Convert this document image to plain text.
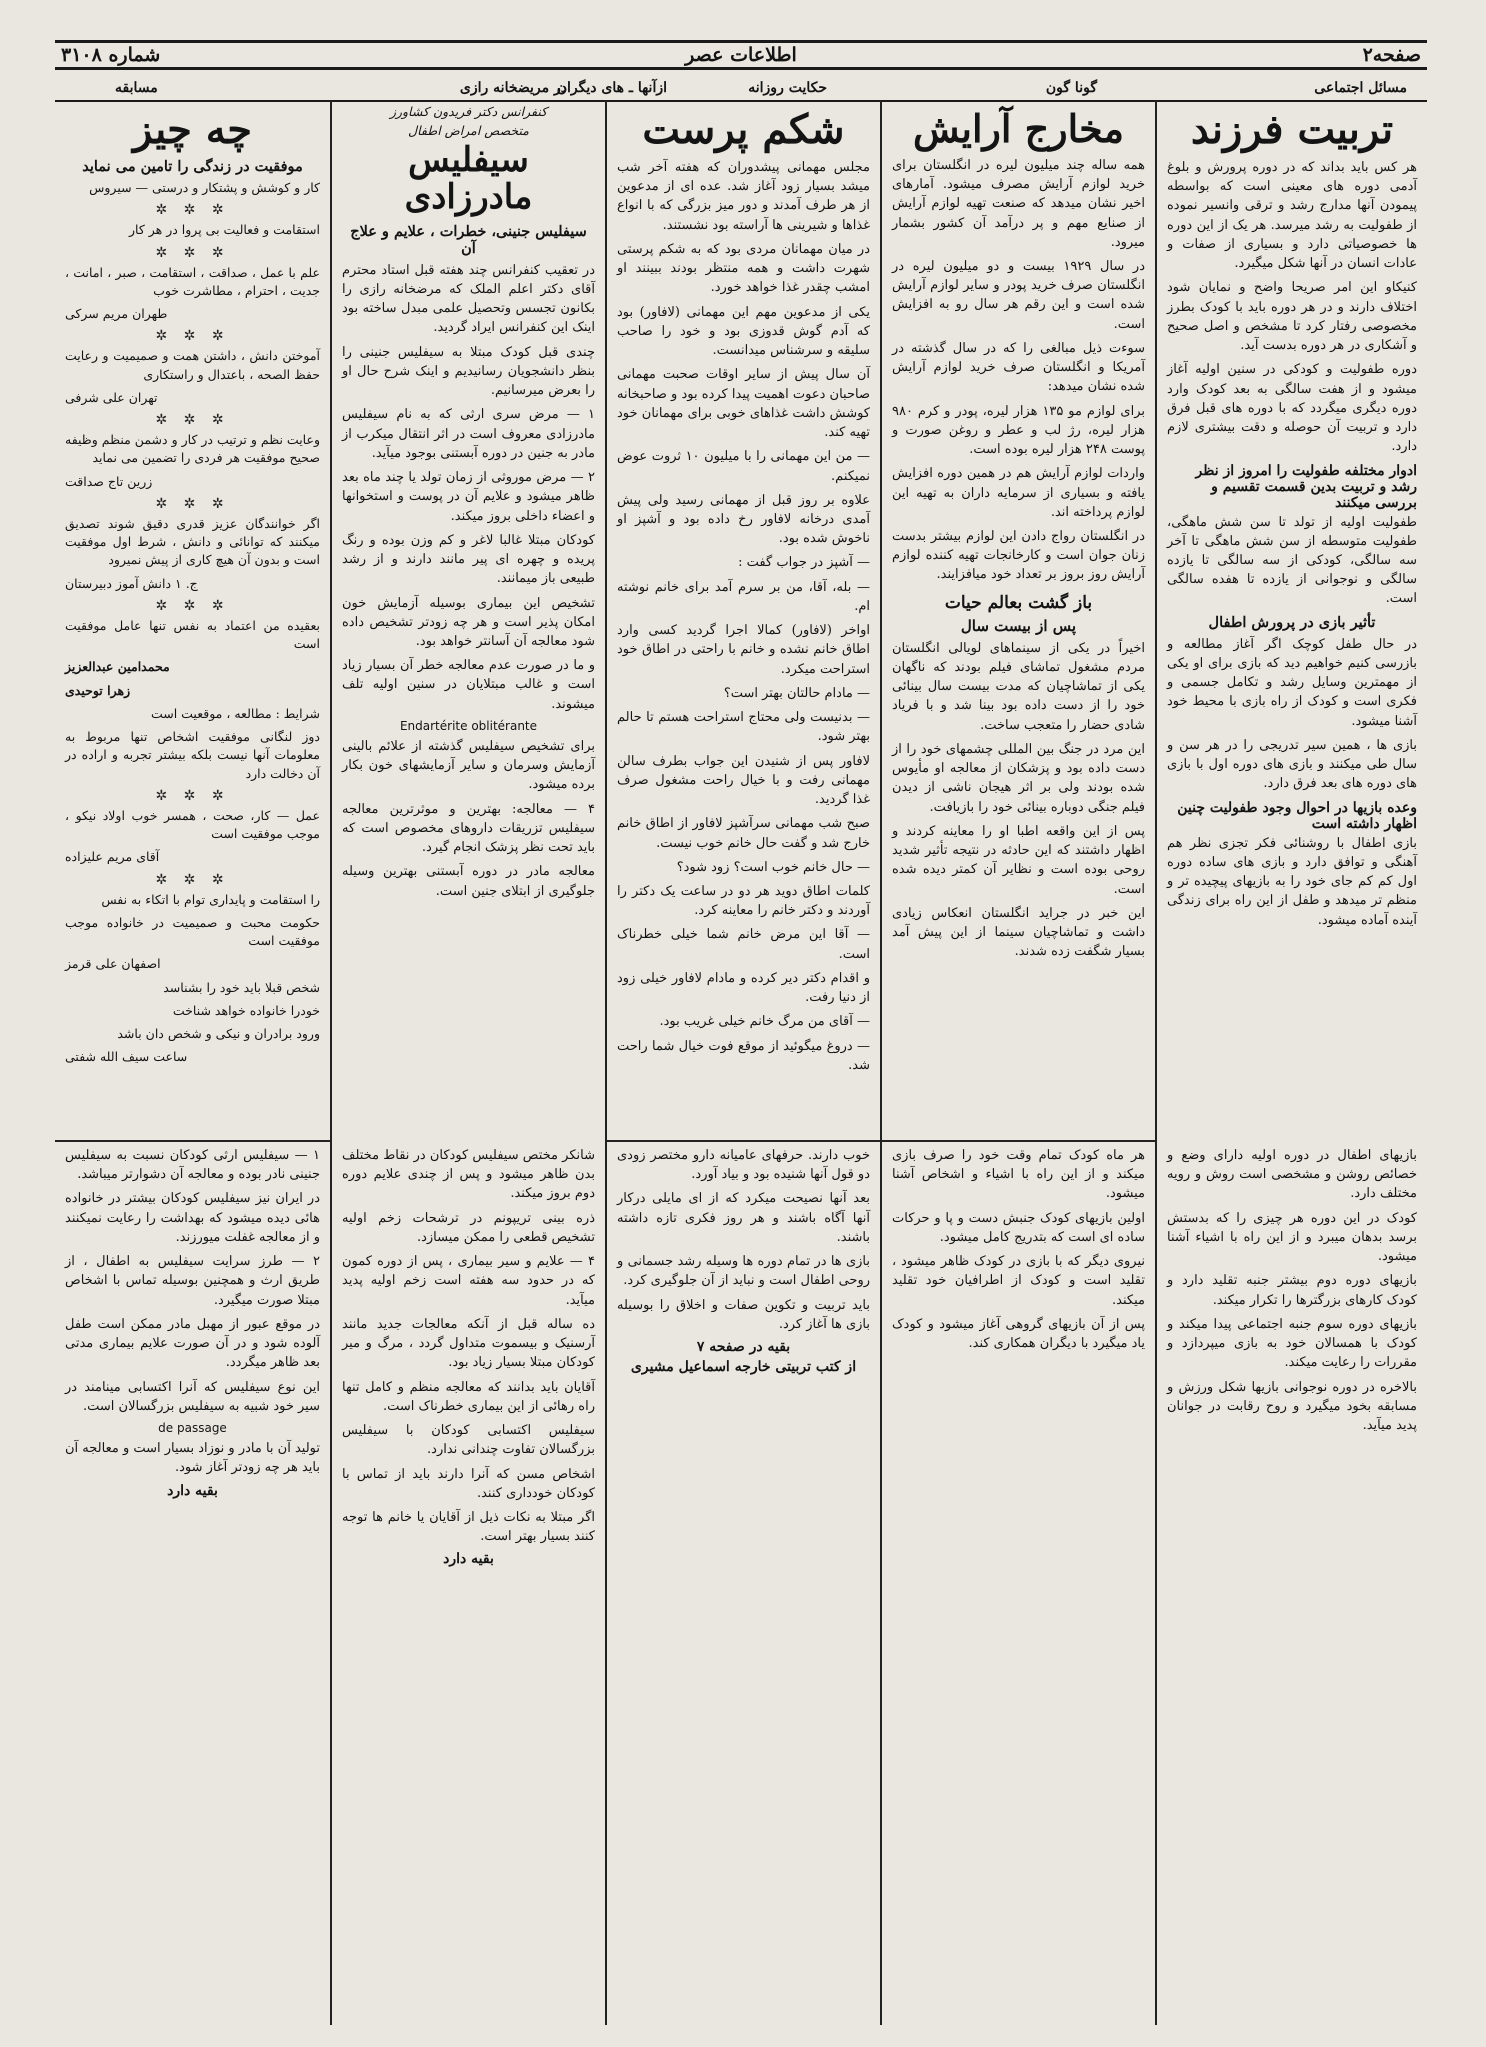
صفحه۲
اطلاعات عصر
شماره ۳۱۰۸
مسائل اجتماعی
گونا گون
حکایت روزانه
ازآنها ـ های دیگران
در مریضخانه رازی
مسابقه
تربیت فرزند

هر کس باید بداند که در دوره پرورش و بلوغ آدمی دوره های معینی است که بواسطه پیمودن آنها مدارج رشد و ترقی وانسیر نموده از طفولیت به رشد میرسد. هر یک از این دوره ها خصوصیاتی دارد و بسیاری از صفات و عادات انسان در آنها شکل میگیرد.

کنیکاو این امر صریحا واضح و نمایان شود اختلاف دارند و در هر دوره باید با کودک بطرز مخصوصی رفتار کرد تا مشخص و اصل صحیح و آشکاری در هر دوره بدست آید.

دوره طفولیت و کودکی در سنین اولیه آغاز میشود و از هفت سالگی به بعد کودک وارد دوره دیگری میگردد که با دوره های قبل فرق دارد و تربیت آن حوصله و دقت بیشتری لازم دارد.

ادوار مختلفه طفولیت را امروز از نظر رشد و تربیت بدین قسمت تقسیم و بررسی میکنند

طفولیت اولیه از تولد تا سن شش ماهگی، طفولیت متوسطه از سن شش ماهگی تا آخر سه سالگی، کودکی از سه سالگی تا یازده سالگی و نوجوانی از یازده تا هفده سالگی است.

تأثیر بازی در پرورش اطفال

در حال طفل کوچک اگر آغاز مطالعه و بازرسی کنیم خواهیم دید که بازی برای او یکی از مهمترین وسایل رشد و تکامل جسمی و فکری است و کودک از راه بازی با محیط خود آشنا میشود.

بازی ها ، همین سیر تدریجی را در هر سن و سال طی میکنند و بازی های دوره اول با بازی های دوره های بعد فرق دارد.

وعده بازیها در احوال وجود طفولیت چنین اظهار داشته است

بازی اطفال با روشنائی فکر تجزی نظر هم آهنگی و توافق دارد و بازی های ساده دوره اول کم کم جای خود را به بازیهای پیچیده تر و منظم تر میدهد و طفل از این راه برای زندگی آینده آماده میشود.

مخارج آرایش

همه ساله چند میلیون لیره در انگلستان برای خرید لوازم آرایش مصرف میشود. آمارهای اخیر نشان میدهد که صنعت تهیه لوازم آرایش از صنایع مهم و پر درآمد آن کشور بشمار میرود.

در سال ۱۹۲۹ بیست و دو میلیون لیره در انگلستان صرف خرید پودر و سایر لوازم آرایش شده است و این رقم هر سال رو به افزایش است.

سوءت ذیل مبالغی را که در سال گذشته در آمریکا و انگلستان صرف خرید لوازم آرایش شده نشان میدهد:

برای لوازم مو ۱۳۵ هزار لیره، پودر و کرم ۹۸۰ هزار لیره، رژ لب و عطر و روغن صورت و پوست ۲۴۸ هزار لیره بوده است.

واردات لوازم آرایش هم در همین دوره افزایش یافته و بسیاری از سرمایه داران به تهیه این لوازم پرداخته اند.

در انگلستان رواج دادن این لوازم بیشتر بدست زنان جوان است و کارخانجات تهیه کننده لوازم آرایش روز بروز بر تعداد خود میافزایند.

باز گشت بعالم حیات
پس از بیست سال

اخیراً در یکی از سینماهای لویالی انگلستان مردم مشغول تماشای فیلم بودند که ناگهان یکی از تماشاچیان که مدت بیست سال بینائی خود را از دست داده بود بینا شد و با فریاد شادی حضار را متعجب ساخت.

این مرد در جنگ بین المللی چشمهای خود را از دست داده بود و پزشکان از معالجه او مأیوس شده بودند ولی بر اثر هیجان ناشی از دیدن فیلم جنگی دوباره بینائی خود را بازیافت.

پس از این واقعه اطبا او را معاینه کردند و اظهار داشتند که این حادثه در نتیجه تأثیر شدید روحی بوده است و نظایر آن کمتر دیده شده است.

این خبر در جراید انگلستان انعکاس زیادی داشت و تماشاچیان سینما از این پیش آمد بسیار شگفت زده شدند.

شکم پرست

مجلس مهمانی پیشدوران که هفته آخر شب میشد بسیار زود آغاز شد. عده ای از مدعوین از هر طرف آمدند و دور میز بزرگی که با انواع غذاها و شیرینی ها آراسته بود نشستند.

در میان مهمانان مردی بود که به شکم پرستی شهرت داشت و همه منتظر بودند ببینند او امشب چقدر غذا خواهد خورد.

یکی از مدعوین مهم این مهمانی (لافاور) بود که آدم گوش قدوزی بود و خود را صاحب سلیقه و سرشناس میدانست.

آن سال پیش از سایر اوقات صحبت مهمانی صاحبان دعوت اهمیت پیدا کرده بود و صاحبخانه کوشش داشت غذاهای خوبی برای مهمانان خود تهیه کند.

— من این مهمانی را با میلیون ۱۰ ثروت عوض نمیکنم.

علاوه بر روز قبل از مهمانی رسید ولی پیش آمدی درخانه لافاور رخ داده بود و آشپز او ناخوش شده بود.

— آشپز در جواب گفت :

— بله، آقا، من بر سرم آمد برای خانم نوشته ام.

اواخر (لافاور) کمالا اجرا گردید کسی وارد اطاق خانم نشده و خانم با راحتی در اطاق خود استراحت میکرد.

— مادام حالتان بهتر است؟

— بدنیست ولی محتاج استراحت هستم تا حالم بهتر شود.

لافاور پس از شنیدن این جواب بطرف سالن مهمانی رفت و با خیال راحت مشغول صرف غذا گردید.

صبح شب مهمانی سرآشپز لافاور از اطاق خانم خارج شد و گفت حال خانم خوب نیست.

— حال خانم خوب است؟ زود شود؟

کلمات اطاق دوید هر دو در ساعت یک دکتر را آوردند و دکتر خانم را معاینه کرد.

— آقا این مرض خانم شما خیلی خطرناک است.

و اقدام دکتر دیر کرده و مادام لافاور خیلی زود از دنیا رفت.

— آقای من مرگ خانم خیلی غریب بود.

— دروغ میگوئید از موقع فوت خیال شما راحت شد.

کنفرانس دکتر فریدون کشاورز
متخصص امراض اطفال
سیفلیس مادرزادی
سیفلیس جنینی، خطرات ، علایم و علاج آن

در تعقیب کنفرانس چند هفته قبل استاد محترم آقای دکتر اعلم الملک که مرضخانه رازی را بکانون تجسس وتحصیل علمی مبدل ساخته بود اینک این کنفرانس ایراد گردید.

چندی قبل کودک مبتلا به سیفلیس جنینی را بنظر دانشجویان رسانیدیم و اینک شرح حال او را بعرض میرسانیم.

۱ — مرض سری ارثی که به نام سیفلیس مادرزادی معروف است در اثر انتقال میکرب از مادر به جنین در دوره آبستنی بوجود میآید.

۲ — مرض موروثی از زمان تولد یا چند ماه بعد ظاهر میشود و علایم آن در پوست و استخوانها و اعضاء داخلی بروز میکند.

کودکان مبتلا غالبا لاغر و کم وزن بوده و رنگ پریده و چهره ای پیر مانند دارند و از رشد طبیعی باز میمانند.

تشخیص این بیماری بوسیله آزمایش خون امکان پذیر است و هر چه زودتر تشخیص داده شود معالجه آن آسانتر خواهد بود.

و ما در صورت عدم معالجه خطر آن بسیار زیاد است و غالب مبتلایان در سنین اولیه تلف میشوند.

Endartérite oblitérante

برای تشخیص سیفلیس گذشته از علائم بالینی آزمایش وسرمان و سایر آزمایشهای خون بکار برده میشود.

۴ — معالجه: بهترین و موثرترین معالجه سیفلیس تزریقات داروهای مخصوص است که باید تحت نظر پزشک انجام گیرد.

معالجه مادر در دوره آبستنی بهترین وسیله جلوگیری از ابتلای جنین است.

چه چیز
موفقیت در زندگی را تامین می نماید

کار و کوشش و پشتکار و درستی — سیروس

✲ ✲ ✲

استقامت و فعالیت بی پروا در هر کار

✲ ✲ ✲

علم با عمل ، صداقت ، استقامت ، صبر ، امانت ، جدیت ، احترام ، مطاشرت خوب

طهران مریم سرکی

✲ ✲ ✲

آموختن دانش ، داشتن همت و صمیمیت و رعایت حفظ الصحه ، باعتدال و راستکاری

تهران علی شرفی

✲ ✲ ✲

وعایت نظم و ترتیب در کار و دشمن منظم وظیفه صحیح موفقیت هر فردی را تضمین می نماید

زرین تاج صداقت

✲ ✲ ✲

اگر خوانندگان عزیز قدری دقیق شوند تصدیق میکنند که توانائی و دانش ، شرط اول موفقیت است و بدون آن هیچ کاری از پیش نمیرود

ج. ۱ دانش آموز دبیرستان

✲ ✲ ✲

بعقیده من اعتماد به نفس تنها عامل موفقیت است

محمدامین عبدالعزیز

زهرا توحیدی

شرایط : مطالعه ، موقعیت است

دوز لنگانی موفقیت اشخاص تنها مربوط به معلومات آنها نیست بلکه بیشتر تجربه و اراده در آن دخالت دارد

✲ ✲ ✲

عمل — کار، صحت ، همسر خوب اولاد نیکو ، موجب موفقیت است

آقای مریم علیزاده

✲ ✲ ✲

را استقامت و پایداری توام با اتکاء به نفس

حکومت محبت و صمیمیت در خانواده موجب موفقیت است

اصفهان علی قرمز

شخص قبلا باید خود را بشناسد

خودرا خانواده خواهد شناخت

ورود برادران و نیکی و شخص دان باشد

ساعت سیف الله شفتی

۱ — سیفلیس ارثی کودکان نسبت به سیفلیس جنینی نادر بوده و معالجه آن دشوارتر میباشد.

در ایران نیز سیفلیس کودکان بیشتر در خانواده هائی دیده میشود که بهداشت را رعایت نمیکنند و از معالجه غفلت میورزند.

۲ — طرز سرایت سیفلیس به اطفال ، از طریق ارث و همچنین بوسیله تماس با اشخاص مبتلا صورت میگیرد.

در موقع عبور از مهبل مادر ممکن است طفل آلوده شود و در آن صورت علایم بیماری مدتی بعد ظاهر میگردد.

این نوع سیفلیس که آنرا اکتسابی مینامند در سیر خود شبیه به سیفلیس بزرگسالان است.

de passage

تولید آن با مادر و نوزاد بسیار است و معالجه آن باید هر چه زودتر آغاز شود.

بقیه دارد

شانکر مختص سیفلیس کودکان در نقاط مختلف بدن ظاهر میشود و پس از چندی علایم دوره دوم بروز میکند.

ذره بینی تریپونم در ترشحات زخم اولیه تشخیص قطعی را ممکن میسازد.

۴ — علایم و سیر بیماری ، پس از دوره کمون که در حدود سه هفته است زخم اولیه پدید میآید.

ده ساله قبل از آنکه معالجات جدید مانند آرسنیک و بیسموت متداول گردد ، مرگ و میر کودکان مبتلا بسیار زیاد بود.

آقایان باید بدانند که معالجه منظم و کامل تنها راه رهائی از این بیماری خطرناک است.

سیفلیس اکتسابی کودکان با سیفلیس بزرگسالان تفاوت چندانی ندارد.

اشخاص مسن که آنرا دارند باید از تماس با کودکان خودداری کنند.

اگر مبتلا به نکات ذیل از آقایان یا خانم ها توجه کنند بسیار بهتر است.

بقیه دارد

خوب دارند. حرفهای عامیانه دارو مختصر زودی دو قول آنها شنیده بود و بیاد آورد.

بعد آنها نصیحت میکرد که از ای مایلی درکار آنها آگاه باشند و هر روز فکری تازه داشته باشند.

بازی ها در تمام دوره ها وسیله رشد جسمانی و روحی اطفال است و نباید از آن جلوگیری کرد.

باید تربیت و تکوین صفات و اخلاق را بوسیله بازی ها آغاز کرد.

بقیه در صفحه ۷
از کتب تربیتی خارجه اسماعیل مشیری

هر ماه کودک تمام وقت خود را صرف بازی میکند و از این راه با اشیاء و اشخاص آشنا میشود.

اولین بازیهای کودک جنبش دست و پا و حرکات ساده ای است که بتدریج کامل میشود.

نیروی دیگر که با بازی در کودک ظاهر میشود ، تقلید است و کودک از اطرافیان خود تقلید میکند.

پس از آن بازیهای گروهی آغاز میشود و کودک یاد میگیرد با دیگران همکاری کند.

بازیهای اطفال در دوره اولیه دارای وضع و خصائص روشن و مشخصی است روش و رویه مختلف دارد.

کودک در این دوره هر چیزی را که بدستش برسد بدهان میبرد و از این راه با اشیاء آشنا میشود.

بازیهای دوره دوم بیشتر جنبه تقلید دارد و کودک کارهای بزرگترها را تکرار میکند.

بازیهای دوره سوم جنبه اجتماعی پیدا میکند و کودک با همسالان خود به بازی میپردازد و مقررات را رعایت میکند.

بالاخره در دوره نوجوانی بازیها شکل ورزش و مسابقه بخود میگیرد و روح رقابت در جوانان پدید میآید.
